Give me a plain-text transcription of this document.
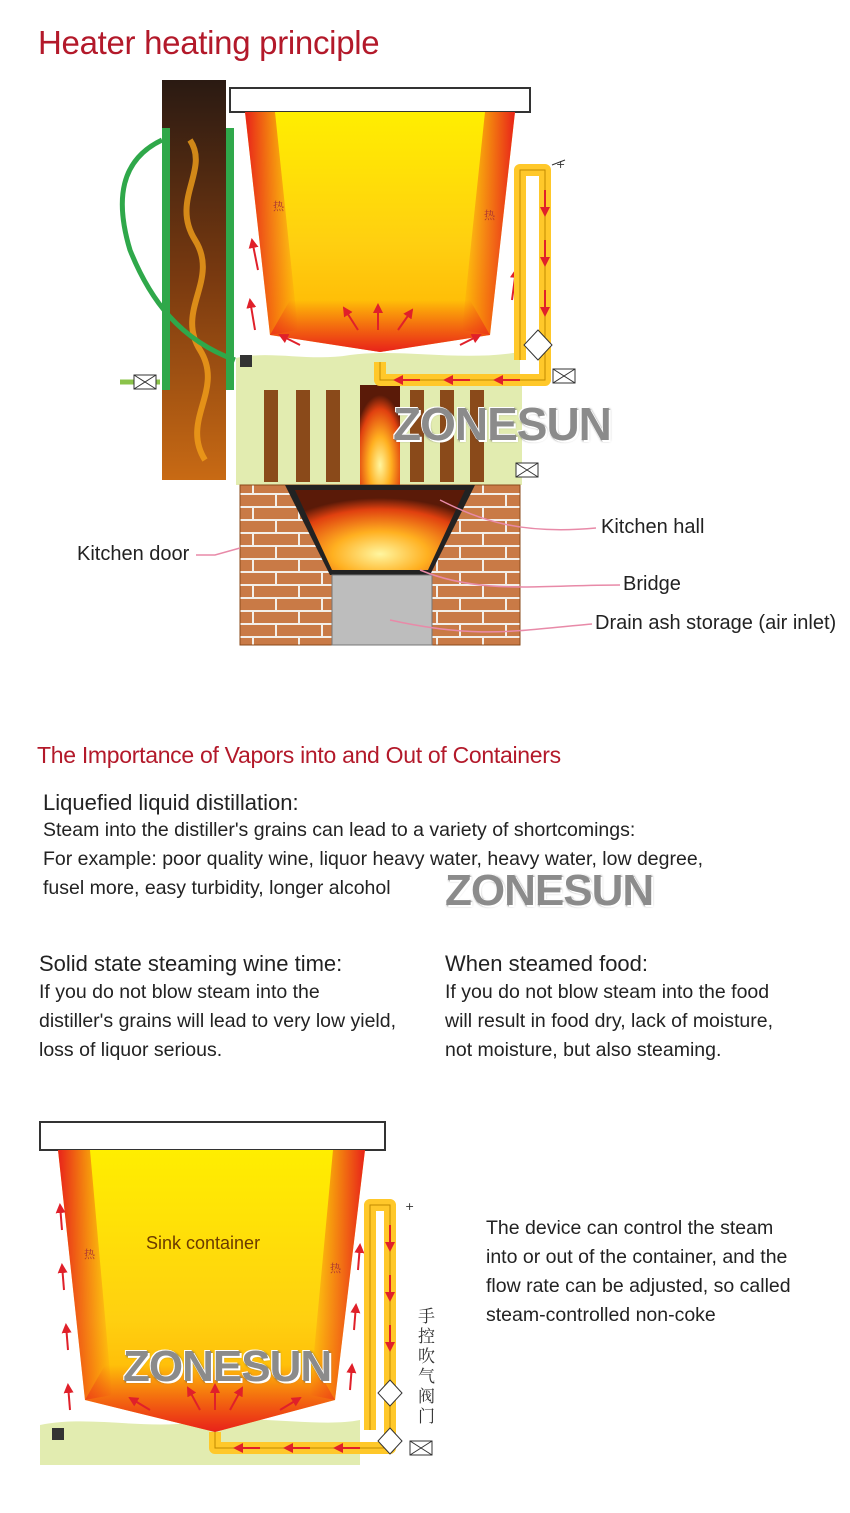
Heater heating principle
热
热
+
Kitchen door
Kitchen hall
Bridge
Drain ash storage (air inlet)
ZONESUN
The Importance of Vapors into and Out of Containers
Liquefied liquid distillation:
Steam into the distiller's grains can lead to a variety of shortcomings:
For example: poor quality wine, liquor heavy water, heavy water, low degree,
fusel more, easy turbidity, longer alcohol ZONESUN
Solid state steaming wine time:
If you do not blow steam into the
distiller's grains will lead to very low yield,
loss of liquor serious.
When steamed food:
If you do not blow steam into the food
will result in food dry, lack of moisture,
not moisture, but also steaming.
热
热
+
手控吹气阀门
Sink container
ZONESUN
The device can control the steam
into or out of the container, and the
flow rate can be adjusted, so called
steam-controlled non-coke
